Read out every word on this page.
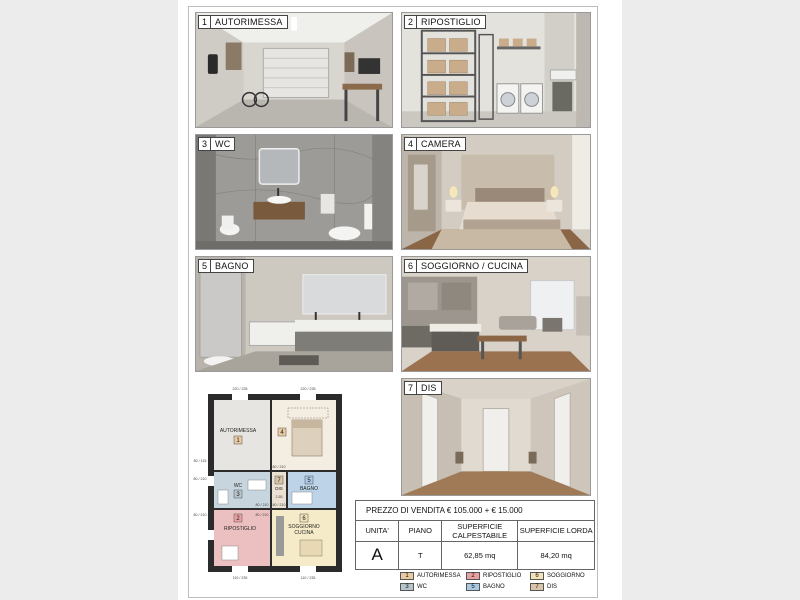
1 AUTORIMESSA	2 RIPOSTIGLIO
3 WC	4 CAMERA
5 BAGNO	6 SOGGIORNO / CUCINA
7 DIS
1
AUTORIMESSA	4
3
WC
7
DIS
5
BAGNO
2
RIPOSTIGLIO
6
SOGGIORNO
CUCINA
220 / 235	220 / 235
80 / 115
80 / 210
80 / 210
80 / 210
2,55
80 / 210
80 / 210
80 / 210
110 / 235	110 / 235
PREZZO DI VENDITA € 105.000 + € 15.000
UNITA'	PIANO	SUPERFICIE CALPESTABILE	SUPERFICIE LORDA
A	T	62,85 mq	84,20 mq
1	AUTORIMESSA	2	RIPOSTIGLIO	6	SOGGIORNO
3	WC	5	BAGNO	7	DIS
